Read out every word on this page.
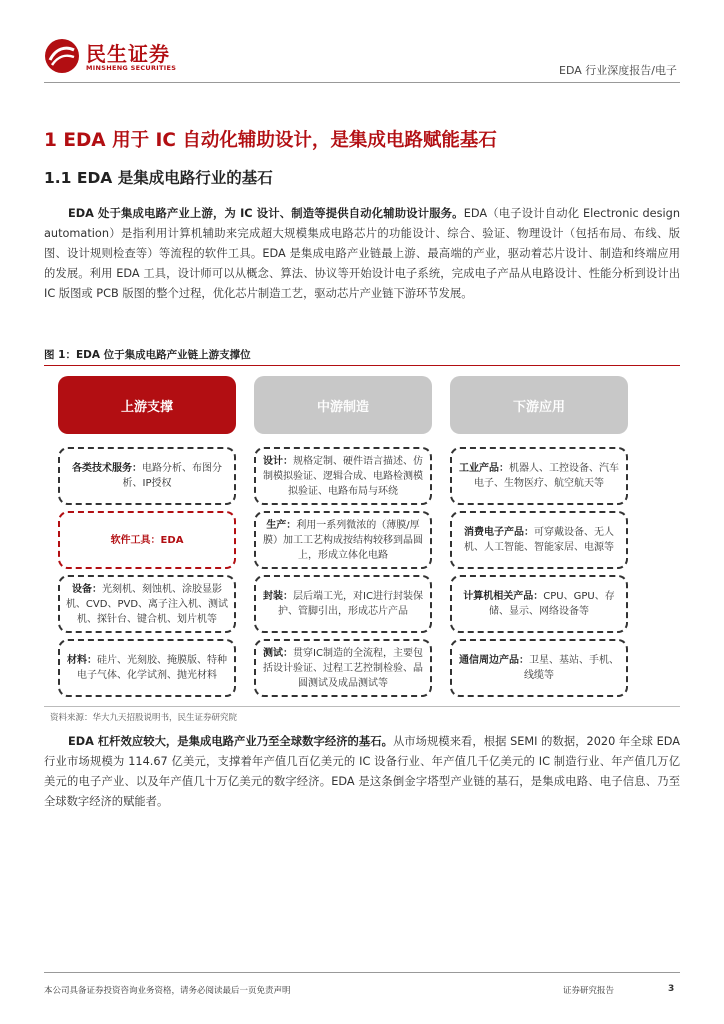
民生证券
MINSHENG SECURITIES	EDA 行业深度报告/电子
1 EDA 用于 IC 自动化辅助设计，是集成电路赋能基石
1.1 EDA 是集成电路行业的基石
EDA 处于集成电路产业上游，为 IC 设计、制造等提供自动化辅助设计服务。EDA（电子设计自动化 Electronic design automation）是指利用计算机辅助来完成超大规模集成电路芯片的功能设计、综合、验证、物理设计（包括布局、布线、版图、设计规则检查等）等流程的软件工具。EDA 是集成电路产业链最上游、最高端的产业，驱动着芯片设计、制造和终端应用的发展。利用 EDA 工具，设计师可以从概念、算法、协议等开始设计电子系统，完成电子产品从电路设计、性能分析到设计出 IC 版图或 PCB 版图的整个过程，优化芯片制造工艺，驱动芯片产业链下游环节发展。
图 1：EDA 位于集成电路产业链上游支撑位
上游支撑	中游制造	下游应用
各类技术服务：电路分析、布图分析、IP授权
软件工具：EDA
设备：光刻机、刻蚀机、涂胶显影机、CVD、PVD、离子注入机、测试机、探针台、键合机、划片机等
材料：硅片、光刻胶、掩膜版、特种电子气体、化学试剂、抛光材料
设计：规格定制、硬件语言描述、仿制模拟验证、逻辑合成、电路检测模拟验证、电路布局与环绕
生产：利用一系列微浓的（薄膜/厚膜）加工工艺构成按结构较移到晶圆上，形成立体化电路
封装：层后端工光，对IC进行封装保护、管脚引出，形成芯片产品
测试：贯穿IC制造的全流程，主要包括设计验证、过程工艺控制检验、晶圆测试及成品测试等
工业产品：机器人、工控设备、汽车电子、生物医疗、航空航天等
消费电子产品：可穿戴设备、无人机、人工智能、智能家居、电源等
计算机相关产品：CPU、GPU、存储、显示、网络设备等
通信周边产品：卫星、基站、手机、线缆等
资料来源：华大九天招股说明书，民生证券研究院
EDA 杠杆效应较大，是集成电路产业乃至全球数字经济的基石。从市场规模来看，根据 SEMI 的数据，2020 年全球 EDA 行业市场规模为 114.67 亿美元，支撑着年产值几百亿美元的 IC 设备行业、年产值几千亿美元的 IC 制造行业、年产值几万亿美元的电子产业、以及年产值几十万亿美元的数字经济。EDA 是这条倒金字塔型产业链的基石，是集成电路、电子信息、乃至全球数字经济的赋能者。
本公司具备证券投资咨询业务资格，请务必阅读最后一页免责声明	证券研究报告	3
